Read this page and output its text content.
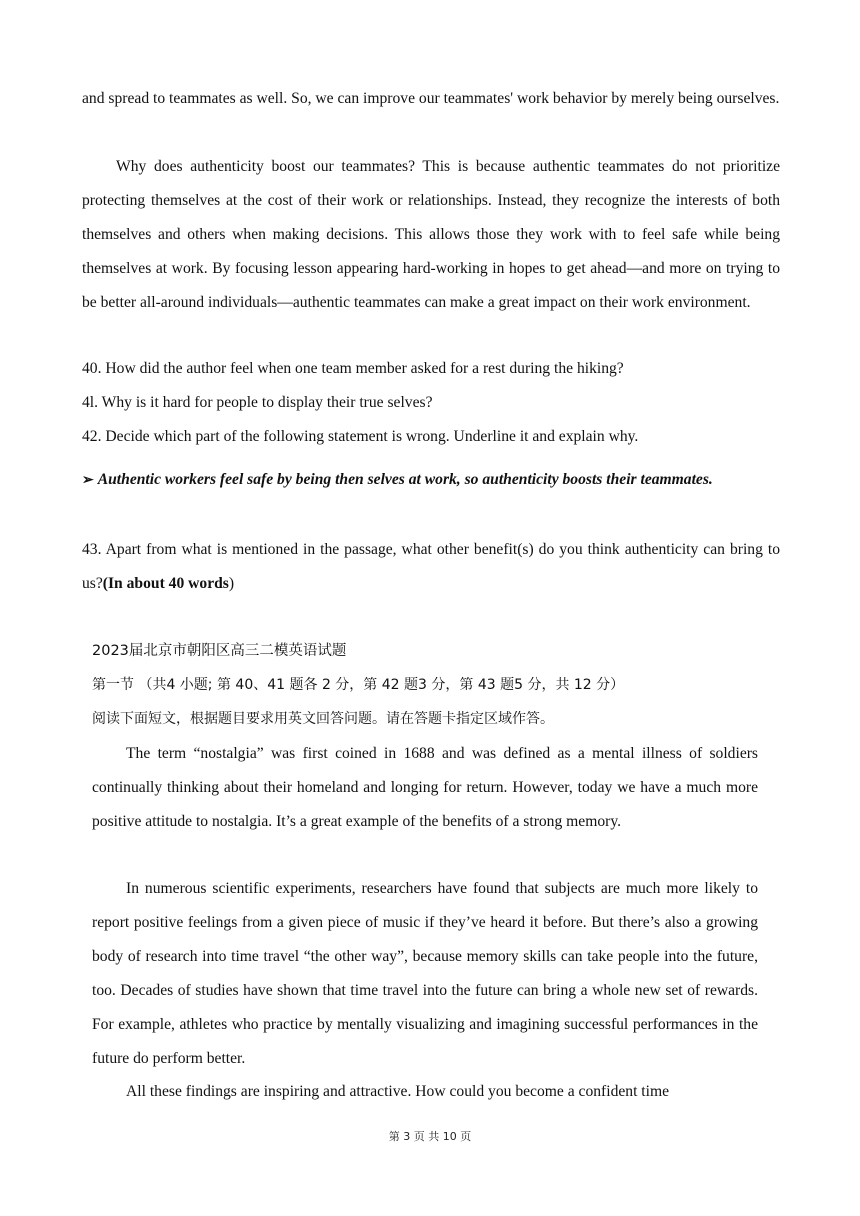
and spread to teammates as well. So, we can improve our teammates' work behavior by merely being ourselves.

Why does authenticity boost our teammates? This is because authentic teammates do not prioritize protecting themselves at the cost of their work or relationships. Instead, they recognize the interests of both themselves and others when making decisions. This allows those they work with to feel safe while being themselves at work. By focusing lesson appearing hard-working in hopes to get ahead—and more on trying to be better all-around individuals—authentic teammates can make a great impact on their work environment.

40. How did the author feel when one team member asked for a rest during the hiking?

4l. Why is it hard for people to display their true selves?

42. Decide which part of the following statement is wrong. Underline it and explain why.

➢ Authentic workers feel safe by being then selves at work, so authenticity boosts their teammates.

43. Apart from what is mentioned in the passage, what other benefit(s) do you think authenticity can bring to us?(In about 40 words)

2023届北京市朝阳区高三二模英语试题

第一节 （共4 小题; 第 40、41 题各 2 分，第 42 题3 分，第 43 题5 分，共 12 分）

阅读下面短文，根据题目要求用英文回答问题。请在答题卡指定区域作答。

The term “nostalgia” was first coined in 1688 and was defined as a mental illness of soldiers continually thinking about their homeland and longing for return. However, today we have a much more positive attitude to nostalgia. It’s a great example of the benefits of a strong memory.

In numerous scientific experiments, researchers have found that subjects are much more likely to report positive feelings from a given piece of music if they’ve heard it before. But there’s also a growing body of research into time travel “the other way”, because memory skills can take people into the future, too. Decades of studies have shown that time travel into the future can bring a whole new set of rewards. For example, athletes who practice by mentally visualizing and imagining successful performances in the future do perform better.

All these findings are inspiring and attractive. How could you become a confident time

第 3 页 共 10 页
